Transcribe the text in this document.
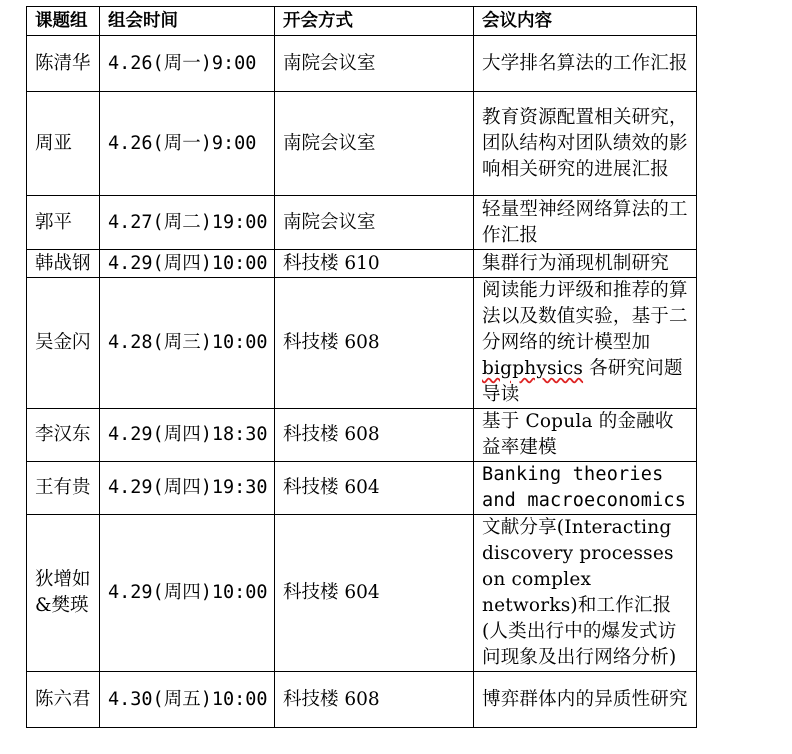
课题组	组会时间	开会方式	会议内容
陈清华	4.26(周一)9:00	南院会议室	大学排名算法的工作汇报
周亚	4.26(周一)9:00	南院会议室	教育资源配置相关研究，团队结构对团队绩效的影响相关研究的进展汇报
郭平	4.27(周二)19:00	南院会议室	轻量型神经网络算法的工作汇报
韩战钢	4.29(周四)10:00	科技楼 610	集群行为涌现机制研究
吴金闪	4.28(周三)10:00	科技楼 608	阅读能力评级和推荐的算法以及数值实验，基于二分网络的统计模型加bigphysics 各研究问题导读
李汉东	4.29(周四)18:30	科技楼 608	基于 Copula 的金融收益率建模
王有贵	4.29(周四)19:30	科技楼 604	Banking theories and macroeconomics
狄增如&樊瑛	4.29(周四)10:00	科技楼 604	文献分享(Interacting discovery processes on complex networks)和工作汇报(人类出行中的爆发式访问现象及出行网络分析)
陈六君	4.30(周五)10:00	科技楼 608	博弈群体内的异质性研究
